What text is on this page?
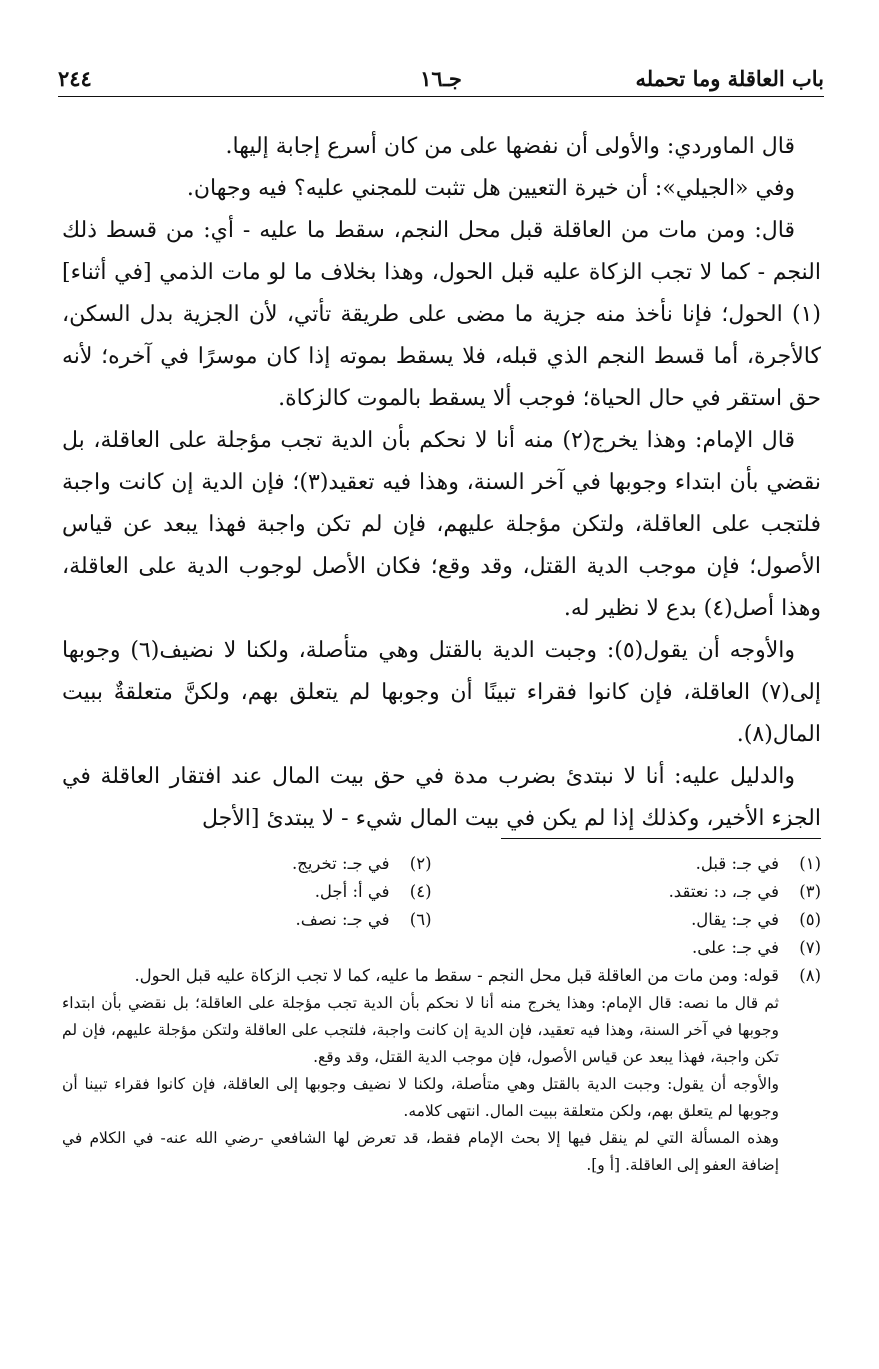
باب العاقلة وما تحمله
جـ١٦
٢٤٤

قال الماوردي: والأولى أن نفضها على من كان أسرع إجابة إليها.

وفي «الجيلي»: أن خيرة التعيين هل تثبت للمجني عليه؟ فيه وجهان.

قال: ومن مات من العاقلة قبل محل النجم، سقط ما عليه - أي: من قسط ذلك النجم - كما لا تجب الزكاة عليه قبل الحول، وهذا بخلاف ما لو مات الذمي [في أثناء](١) الحول؛ فإنا نأخذ منه جزية ما مضى على طريقة تأتي، لأن الجزية بدل السكن، كالأجرة، أما قسط النجم الذي قبله، فلا يسقط بموته إذا كان موسرًا في آخره؛ لأنه حق استقر في حال الحياة؛ فوجب ألا يسقط بالموت كالزكاة.

قال الإمام: وهذا يخرج(٢) منه أنا لا نحكم بأن الدية تجب مؤجلة على العاقلة، بل نقضي بأن ابتداء وجوبها في آخر السنة، وهذا فيه تعقيد(٣)؛ فإن الدية إن كانت واجبة فلتجب على العاقلة، ولتكن مؤجلة عليهم، فإن لم تكن واجبة فهذا يبعد عن قياس الأصول؛ فإن موجب الدية القتل، وقد وقع؛ فكان الأصل لوجوب الدية على العاقلة، وهذا أصل(٤) بدع لا نظير له.

والأوجه أن يقول(٥): وجبت الدية بالقتل وهي متأصلة، ولكنا لا نضيف(٦) وجوبها إلى(٧) العاقلة، فإن كانوا فقراء تبينًا أن وجوبها لم يتعلق بهم، ولكنَّ متعلقةٌ ببيت المال(٨).

والدليل عليه: أنا لا نبتدئ بضرب مدة في حق بيت المال عند افتقار العاقلة في الجزء الأخير، وكذلك إذا لم يكن في بيت المال شيء - لا يبتدئ [الأجل

(١)
في جـ: قبل.
(٢)
في جـ: تخريج.
(٣)
في جـ، د: نعتقد.
(٤)
في أ: أجل.
(٥)
في جـ: يقال.
(٦)
في جـ: نصف.
(٧)
في جـ: على.
(٨)
قوله: ومن مات من العاقلة قبل محل النجم - سقط ما عليه، كما لا تجب الزكاة عليه قبل الحول.

ثم قال ما نصه: قال الإمام: وهذا يخرج منه أنا لا نحكم بأن الدية تجب مؤجلة على العاقلة؛ بل نقضي بأن ابتداء وجوبها في آخر السنة، وهذا فيه تعقيد، فإن الدية إن كانت واجبة، فلتجب على العاقلة ولتكن مؤجلة عليهم، فإن لم تكن واجبة، فهذا يبعد عن قياس الأصول، فإن موجب الدية القتل، وقد وقع.

والأوجه أن يقول: وجبت الدية بالقتل وهي متأصلة، ولكنا لا نضيف وجوبها إلى العاقلة، فإن كانوا فقراء تبينا أن وجوبها لم يتعلق بهم، ولكن متعلقة ببيت المال. انتهى كلامه.

وهذه المسألة التي لم ينقل فيها إلا بحث الإمام فقط، قد تعرض لها الشافعي -رضي الله عنه- في الكلام في إضافة العفو إلى العاقلة. [أ و].
